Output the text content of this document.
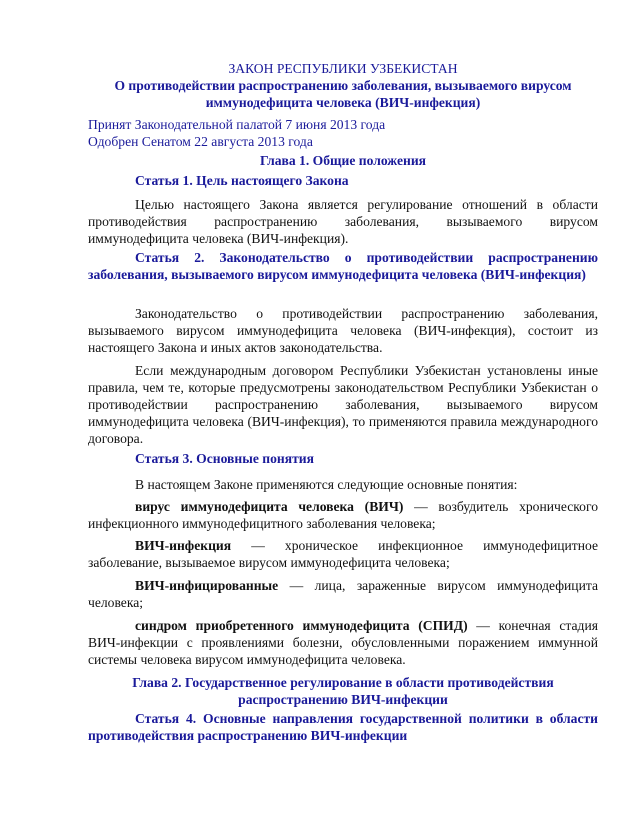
ЗАКОН РЕСПУБЛИКИ УЗБЕКИСТАН
О противодействии распространению заболевания, вызываемого вирусом иммунодефицита человека (ВИЧ-инфекция)
Принят Законодательной палатой 7 июня 2013 года
Одобрен Сенатом 22 августа 2013 года
Глава 1. Общие положения
Статья 1. Цель настоящего Закона
Целью настоящего Закона является регулирование отношений в области противодействия распространению заболевания, вызываемого вирусом иммунодефицита человека (ВИЧ-инфекция).
Статья 2. Законодательство о противодействии распространению заболевания, вызываемого вирусом иммунодефицита человека (ВИЧ-инфекция)
Законодательство о противодействии распространению заболевания, вызываемого вирусом иммунодефицита человека (ВИЧ-инфекция), состоит из настоящего Закона и иных актов законодательства.
Если международным договором Республики Узбекистан установлены иные правила, чем те, которые предусмотрены законодательством Республики Узбекистан о противодействии распространению заболевания, вызываемого вирусом иммунодефицита человека (ВИЧ-инфекция), то применяются правила международного договора.
Статья 3. Основные понятия
В настоящем Законе применяются следующие основные понятия:
вирус иммунодефицита человека (ВИЧ) — возбудитель хронического инфекционного иммунодефицитного заболевания человека;
ВИЧ-инфекция — хроническое инфекционное иммунодефицитное заболевание, вызываемое вирусом иммунодефицита человека;
ВИЧ-инфицированные — лица, зараженные вирусом иммунодефицита человека;
синдром приобретенного иммунодефицита (СПИД) — конечная стадия ВИЧ-инфекции с проявлениями болезни, обусловленными поражением иммунной системы человека вирусом иммунодефицита человека.
Глава 2. Государственное регулирование в области противодействия распространению ВИЧ-инфекции
Статья 4. Основные направления государственной политики в области противодействия распространению ВИЧ-инфекции
